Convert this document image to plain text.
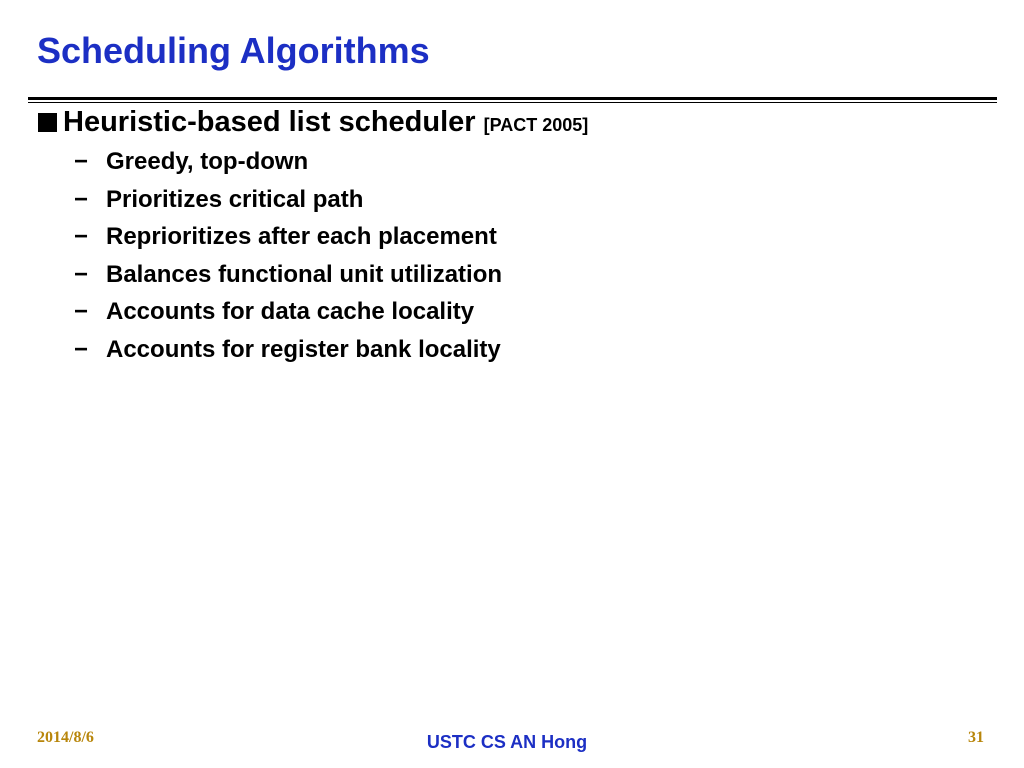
Scheduling Algorithms
Heuristic-based list scheduler [PACT 2005]
− Greedy, top-down
− Prioritizes critical path
− Reprioritizes after each placement
− Balances functional unit utilization
− Accounts for data cache locality
− Accounts for register bank locality
2014/8/6	USTC CS AN Hong	31
